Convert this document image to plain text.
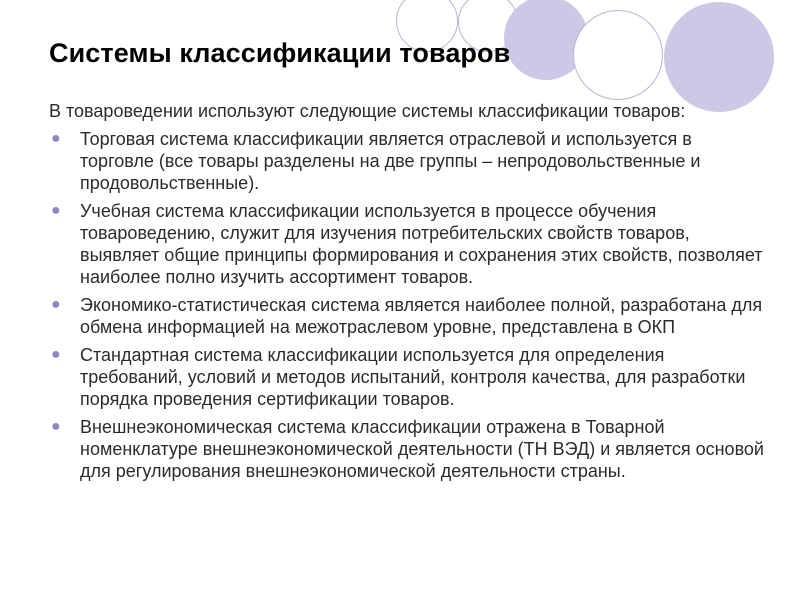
Системы классификации товаров
В товароведении используют следующие системы классификации товаров:
● Торговая система классификации является отраслевой и используется в торговле (все товары разделены на две группы – непродовольственные и продовольственные).
● Учебная система классификации используется в процессе обучения товароведению, служит для изучения потребительских свойств товаров, выявляет общие принципы формирования и сохранения этих свойств, позволяет наиболее полно изучить ассортимент товаров.
● Экономико-статистическая система является наиболее полной, разработана для обмена информацией на межотраслевом уровне, представлена в ОКП
● Стандартная система классификации используется для определения требований, условий и методов испытаний, контроля качества, для разработки порядка проведения сертификации товаров.
● Внешнеэкономическая система классификации отражена в Товарной номенклатуре внешнеэкономической деятельности (ТН ВЭД) и является основой для регулирования внешнеэкономической деятельности страны.
